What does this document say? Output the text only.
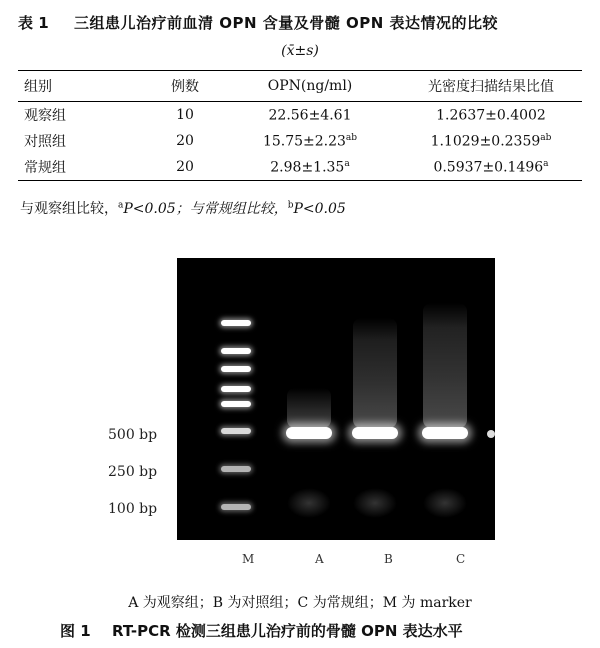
表 1 三组患儿治疗前血清 OPN 含量及骨髓 OPN 表达情况的比较
(x̄±s)
组别	例数	OPN(ng/ml)	光密度扫描结果比值
观察组	10	22.56±4.61	1.2637±0.4002
对照组	20	15.75±2.23$^{ab}$	1.1029±0.2359$^{ab}$
常规组	20	2.98±1.35$^a$	0.5937±0.1496$^a$
与观察组比较，$^a$P<0.05；与常规组比较，$^b$P<0.05
500 bp
250 bp
100 bp
M	A	B	C
A 为观察组；B 为对照组；C 为常规组；M 为 marker
图 1 RT-PCR 检测三组患儿治疗前的骨髓 OPN 表达水平
